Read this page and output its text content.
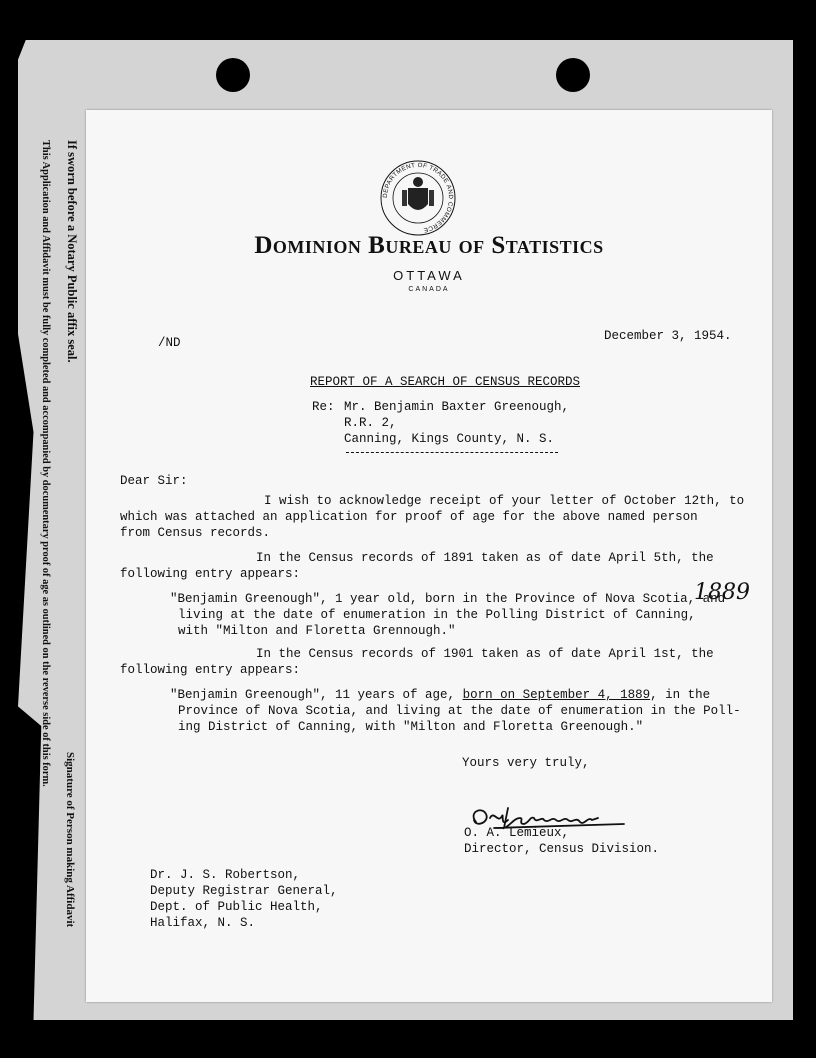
If sworn before a Notary Public affix seal.
This Application and Affidavit must be fully completed and accompanied by documentary proof of age as outlined on the reverse side of this form.
Signature of Person making Affidavit
DEPARTMENT OF TRADE AND COMMERCE
Dominion Bureau of Statistics
OTTAWA
CANADA
/ND	December 3, 1954.
REPORT OF A SEARCH OF CENSUS RECORDS
Re: Mr. Benjamin Baxter Greenough,
R.R. 2,
Canning, Kings County, N. S.
Dear Sir:
I wish to acknowledge receipt of your letter of October 12th, to
which was attached an application for proof of age for the above named person
from Census records.
In the Census records of 1891 taken as of date April 5th, the
following entry appears:
"Benjamin Greenough", 1 year old, born in the Province of Nova Scotia, and
living at the date of enumeration in the Polling District of Canning,
with "Milton and Floretta Grennough."
1889
In the Census records of 1901 taken as of date April 1st, the
following entry appears:
"Benjamin Greenough", 11 years of age, born on September 4, 1889, in the
Province of Nova Scotia, and living at the date of enumeration in the Poll-
ing District of Canning, with "Milton and Floretta Greenough."
Yours very truly,
O. A. Lemieux,
Director, Census Division.
Dr. J. S. Robertson,
Deputy Registrar General,
Dept. of Public Health,
Halifax, N. S.
